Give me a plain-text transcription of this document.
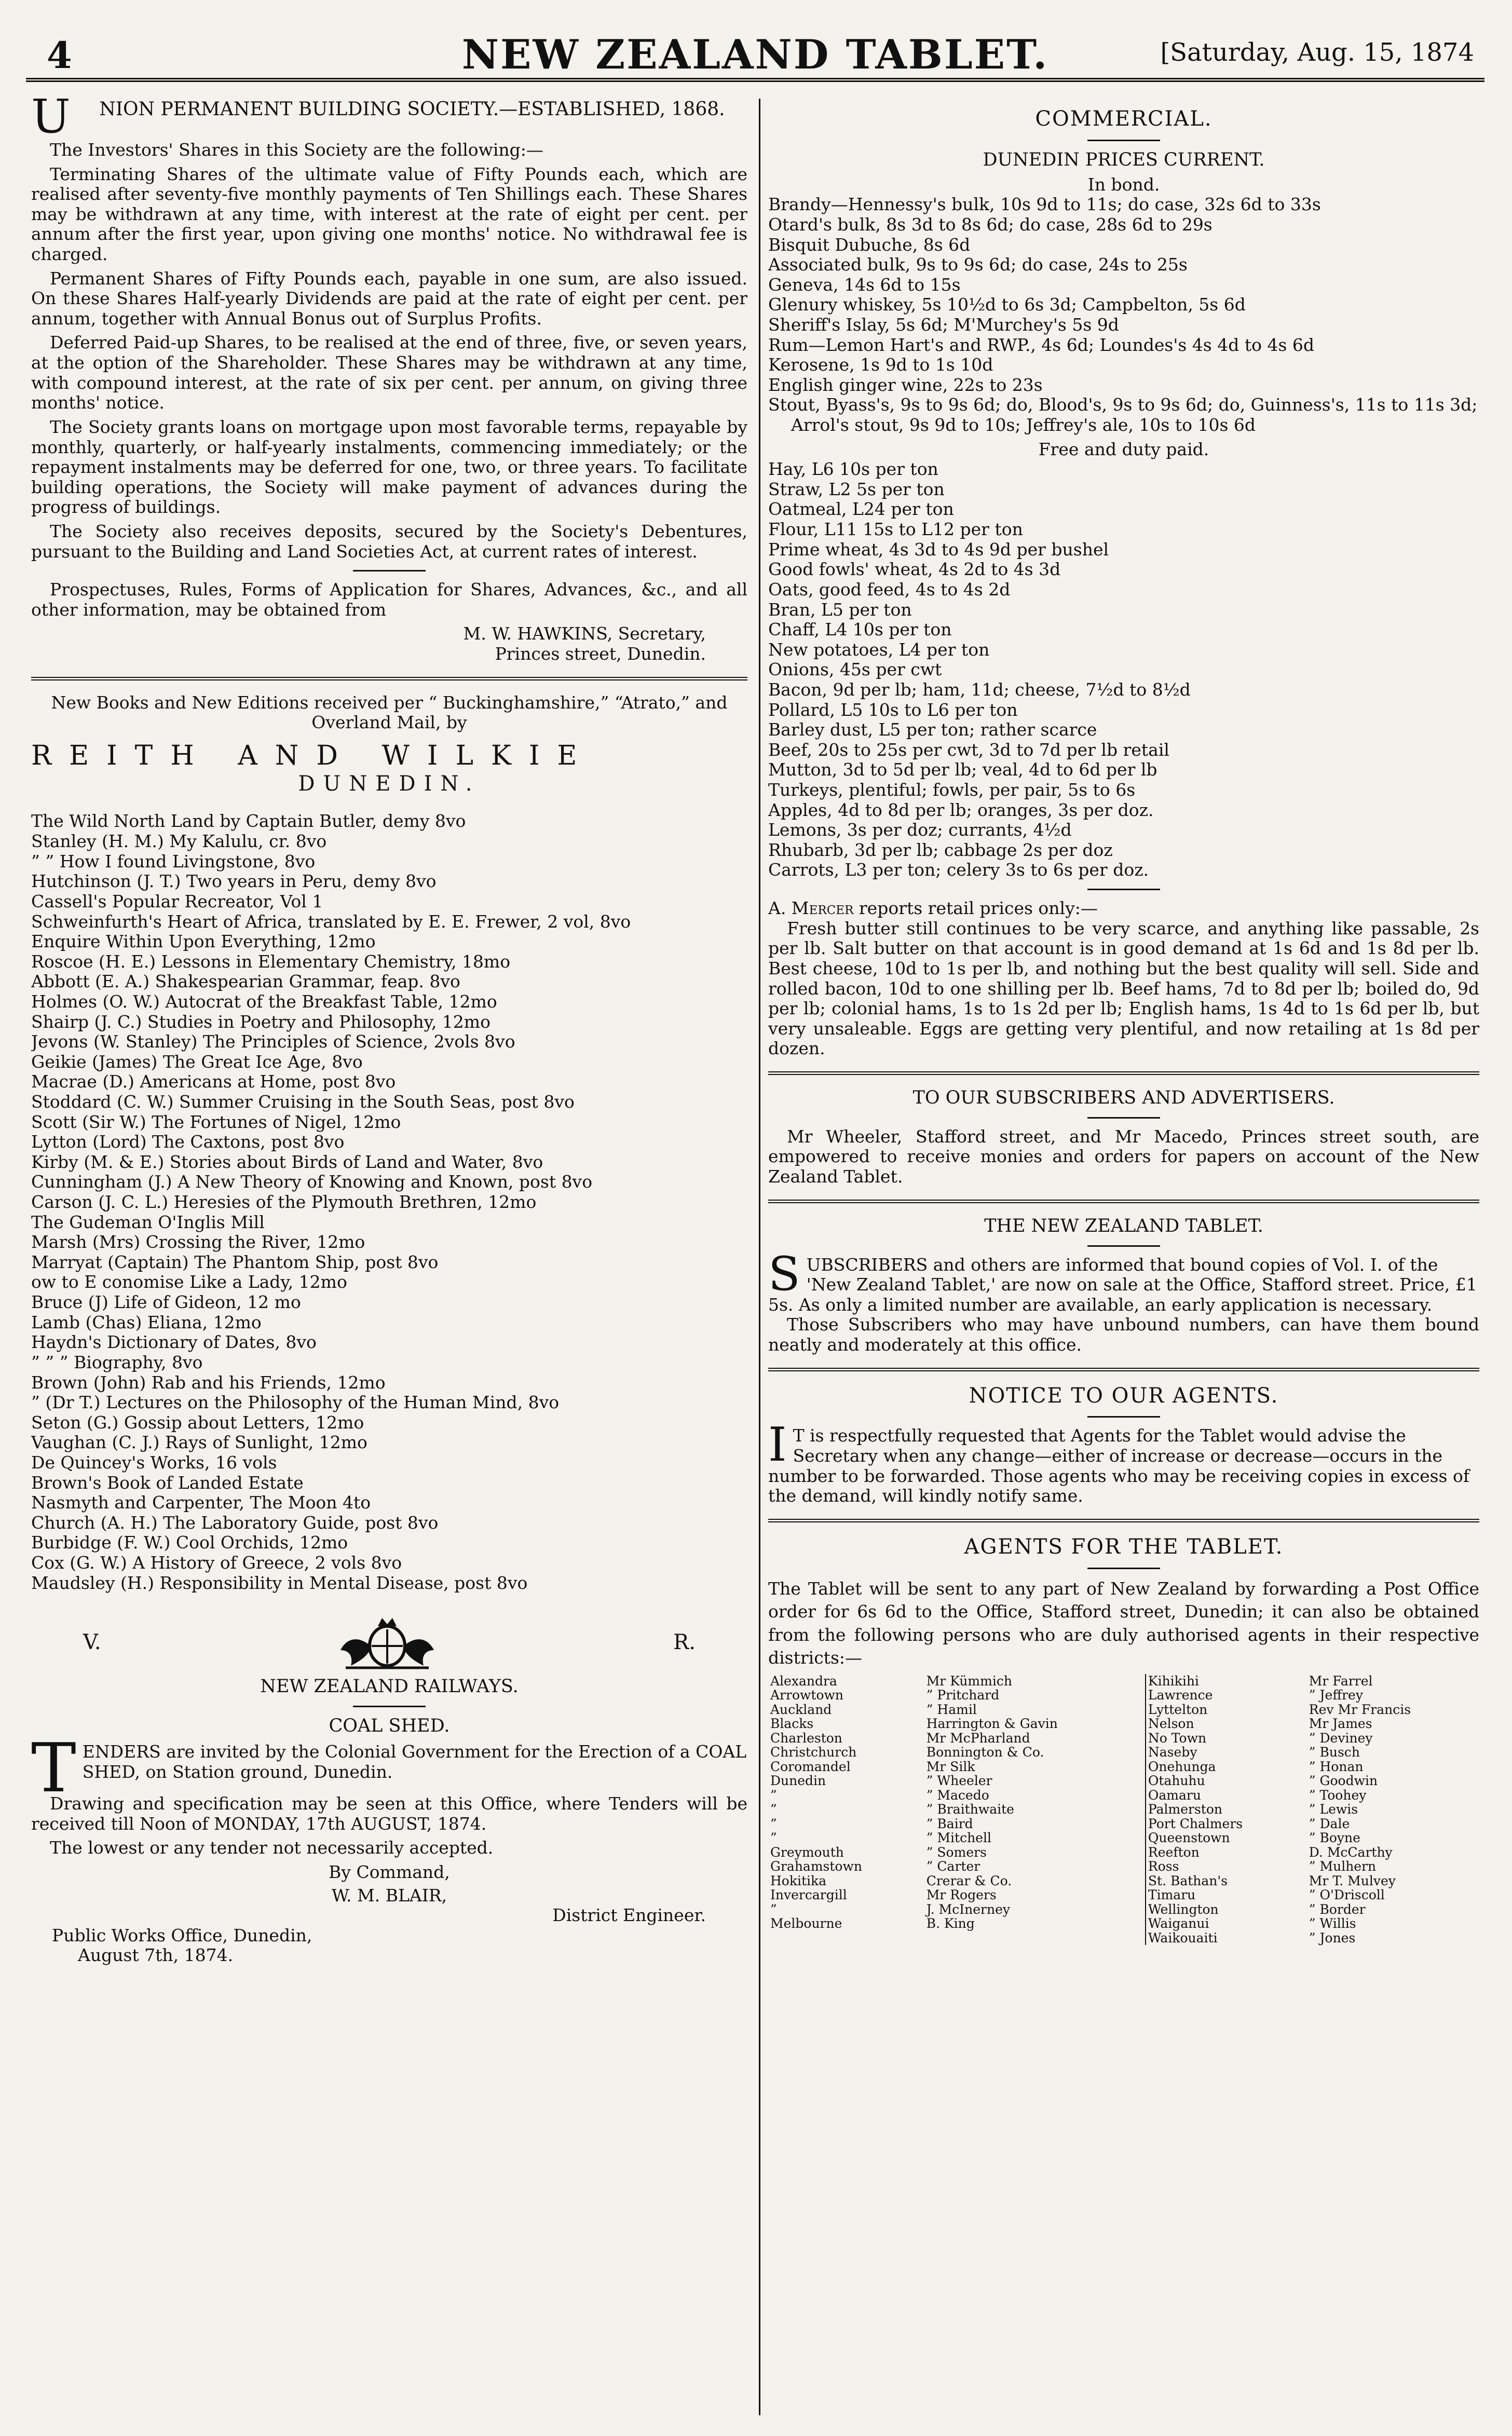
4	NEW ZEALAND TABLET.	[Saturday, Aug. 15, 1874
U NION PERMANENT BUILDING SOCIETY.—ESTABLISHED, 1868.

The Investors' Shares in this Society are the following:—

Terminating Shares of the ultimate value of Fifty Pounds each, which are realised after seventy-five monthly payments of Ten Shillings each. These Shares may be withdrawn at any time, with interest at the rate of eight per cent. per annum after the first year, upon giving one months' notice. No withdrawal fee is charged.

Permanent Shares of Fifty Pounds each, payable in one sum, are also issued. On these Shares Half-yearly Dividends are paid at the rate of eight per cent. per annum, together with Annual Bonus out of Surplus Profits.

Deferred Paid-up Shares, to be realised at the end of three, five, or seven years, at the option of the Shareholder. These Shares may be withdrawn at any time, with compound interest, at the rate of six per cent. per annum, on giving three months' notice.

The Society grants loans on mortgage upon most favorable terms, repayable by monthly, quarterly, or half-yearly instalments, commencing immediately; or the repayment instalments may be deferred for one, two, or three years. To facilitate building operations, the Society will make payment of advances during the progress of buildings.

The Society also receives deposits, secured by the Society's Debentures, pursuant to the Building and Land Societies Act, at current rates of interest.

Prospectuses, Rules, Forms of Application for Shares, Advances, &c., and all other information, may be obtained from

M. W. HAWKINS, Secretary,
Princes street, Dunedin.
New Books and New Editions received per “ Buckinghamshire,” “Atrato,” and Overland Mail, by
REITH AND WILKIE
DUNEDIN.
The Wild North Land by Captain Butler, demy 8vo
Stanley (H. M.) My Kalulu, cr. 8vo
” ” How I found Livingstone, 8vo
Hutchinson (J. T.) Two years in Peru, demy 8vo
Cassell's Popular Recreator, Vol 1
Schweinfurth's Heart of Africa, translated by E. E. Frewer, 2 vol, 8vo
Enquire Within Upon Everything, 12mo
Roscoe (H. E.) Lessons in Elementary Chemistry, 18mo
Abbott (E. A.) Shakespearian Grammar, feap. 8vo
Holmes (O. W.) Autocrat of the Breakfast Table, 12mo
Shairp (J. C.) Studies in Poetry and Philosophy, 12mo
Jevons (W. Stanley) The Principles of Science, 2vols 8vo
Geikie (James) The Great Ice Age, 8vo
Macrae (D.) Americans at Home, post 8vo
Stoddard (C. W.) Summer Cruising in the South Seas, post 8vo
Scott (Sir W.) The Fortunes of Nigel, 12mo
Lytton (Lord) The Caxtons, post 8vo
Kirby (M. & E.) Stories about Birds of Land and Water, 8vo
Cunningham (J.) A New Theory of Knowing and Known, post 8vo
Carson (J. C. L.) Heresies of the Plymouth Brethren, 12mo
The Gudeman O'Inglis Mill
Marsh (Mrs) Crossing the River, 12mo
Marryat (Captain) The Phantom Ship, post 8vo
ow to E conomise Like a Lady, 12mo
Bruce (J) Life of Gideon, 12 mo
Lamb (Chas) Eliana, 12mo
Haydn's Dictionary of Dates, 8vo
” ” ” Biography, 8vo
Brown (John) Rab and his Friends, 12mo
” (Dr T.) Lectures on the Philosophy of the Human Mind, 8vo
Seton (G.) Gossip about Letters, 12mo
Vaughan (C. J.) Rays of Sunlight, 12mo
De Quincey's Works, 16 vols
Brown's Book of Landed Estate
Nasmyth and Carpenter, The Moon 4to
Church (A. H.) The Laboratory Guide, post 8vo
Burbidge (F. W.) Cool Orchids, 12mo
Cox (G. W.) A History of Greece, 2 vols 8vo
Maudsley (H.) Responsibility in Mental Disease, post 8vo
V.	R.
NEW ZEALAND RAILWAYS.
COAL SHED.
T ENDERS are invited by the Colonial Government for the Erection of a COAL SHED, on Station ground, Dunedin.

Drawing and specification may be seen at this Office, where Tenders will be received till Noon of MONDAY, 17th AUGUST, 1874.

The lowest or any tender not necessarily accepted.

By Command,
W. M. BLAIR,
District Engineer.
Public Works Office, Dunedin,
August 7th, 1874.
COMMERCIAL.
DUNEDIN PRICES CURRENT.
In bond.
Brandy—Hennessy's bulk, 10s 9d to 11s; do case, 32s 6d to 33s
Otard's bulk, 8s 3d to 8s 6d; do case, 28s 6d to 29s
Bisquit Dubuche, 8s 6d
Associated bulk, 9s to 9s 6d; do case, 24s to 25s
Geneva, 14s 6d to 15s
Glenury whiskey, 5s 10½d to 6s 3d; Campbelton, 5s 6d
Sheriff's Islay, 5s 6d; M'Murchey's 5s 9d
Rum—Lemon Hart's and RWP., 4s 6d; Loundes's 4s 4d to 4s 6d
Kerosene, 1s 9d to 1s 10d
English ginger wine, 22s to 23s
Stout, Byass's, 9s to 9s 6d; do, Blood's, 9s to 9s 6d; do, Guinness's, 11s to 11s 3d; Arrol's stout, 9s 9d to 10s; Jeffrey's ale, 10s to 10s 6d
Free and duty paid.
Hay, L6 10s per ton
Straw, L2 5s per ton
Oatmeal, L24 per ton
Flour, L11 15s to L12 per ton
Prime wheat, 4s 3d to 4s 9d per bushel
Good fowls' wheat, 4s 2d to 4s 3d
Oats, good feed, 4s to 4s 2d
Bran, L5 per ton
Chaff, L4 10s per ton
New potatoes, L4 per ton
Onions, 45s per cwt
Bacon, 9d per lb; ham, 11d; cheese, 7½d to 8½d
Pollard, L5 10s to L6 per ton
Barley dust, L5 per ton; rather scarce
Beef, 20s to 25s per cwt, 3d to 7d per lb retail
Mutton, 3d to 5d per lb; veal, 4d to 6d per lb
Turkeys, plentiful; fowls, per pair, 5s to 6s
Apples, 4d to 8d per lb; oranges, 3s per doz.
Lemons, 3s per doz; currants, 4½d
Rhubarb, 3d per lb; cabbage 2s per doz
Carrots, L3 per ton; celery 3s to 6s per doz.
A. Mercer reports retail prices only:—

Fresh butter still continues to be very scarce, and anything like passable, 2s per lb. Salt butter on that account is in good demand at 1s 6d and 1s 8d per lb. Best cheese, 10d to 1s per lb, and nothing but the best quality will sell. Side and rolled bacon, 10d to one shilling per lb. Beef hams, 7d to 8d per lb; boiled do, 9d per lb; colonial hams, 1s to 1s 2d per lb; English hams, 1s 4d to 1s 6d per lb, but very unsaleable. Eggs are getting very plentiful, and now retailing at 1s 8d per dozen.

TO OUR SUBSCRIBERS AND ADVERTISERS.

Mr Wheeler, Stafford street, and Mr Macedo, Princes street south, are empowered to receive monies and orders for papers on account of the New Zealand Tablet.

THE NEW ZEALAND TABLET.
S UBSCRIBERS and others are informed that bound copies of Vol. I. of the 'New Zealand Tablet,' are now on sale at the Office, Stafford street. Price, £1 5s. As only a limited number are available, an early application is necessary.

Those Subscribers who may have unbound numbers, can have them bound neatly and moderately at this office.

NOTICE TO OUR AGENTS.
I T is respectfully requested that Agents for the Tablet would advise the Secretary when any change—either of increase or decrease—occurs in the number to be forwarded. Those agents who may be receiving copies in excess of the demand, will kindly notify same.
AGENTS FOR THE TABLET.

The Tablet will be sent to any part of New Zealand by forwarding a Post Office order for 6s 6d to the Office, Stafford street, Dunedin; it can also be obtained from the following persons who are duly authorised agents in their respective districts:—

Alexandra	Mr Kümmich	Kihikihi	Mr Farrel
Arrowtown	” Pritchard	Lawrence	” Jeffrey
Auckland	” Hamil	Lyttelton	Rev Mr Francis
Blacks	Harrington & Gavin	Nelson	Mr James
Charleston	Mr McPharland	No Town	” Deviney
Christchurch	Bonnington & Co.	Naseby	” Busch
Coromandel	Mr Silk	Onehunga	” Honan
Dunedin	” Wheeler	Otahuhu	” Goodwin
”	” Macedo	Oamaru	” Toohey
”	” Braithwaite	Palmerston	” Lewis
”	” Baird	Port Chalmers	” Dale
”	” Mitchell	Queenstown	” Boyne
Greymouth	” Somers	Reefton	D. McCarthy
Grahamstown	” Carter	Ross	” Mulhern
Hokitika	Crerar & Co.	St. Bathan's	Mr T. Mulvey
Invercargill	Mr Rogers	Timaru	” O'Driscoll
”	J. McInerney	Wellington	” Border
Melbourne	B. King	Waiganui	” Willis
		Waikouaiti	” Jones
